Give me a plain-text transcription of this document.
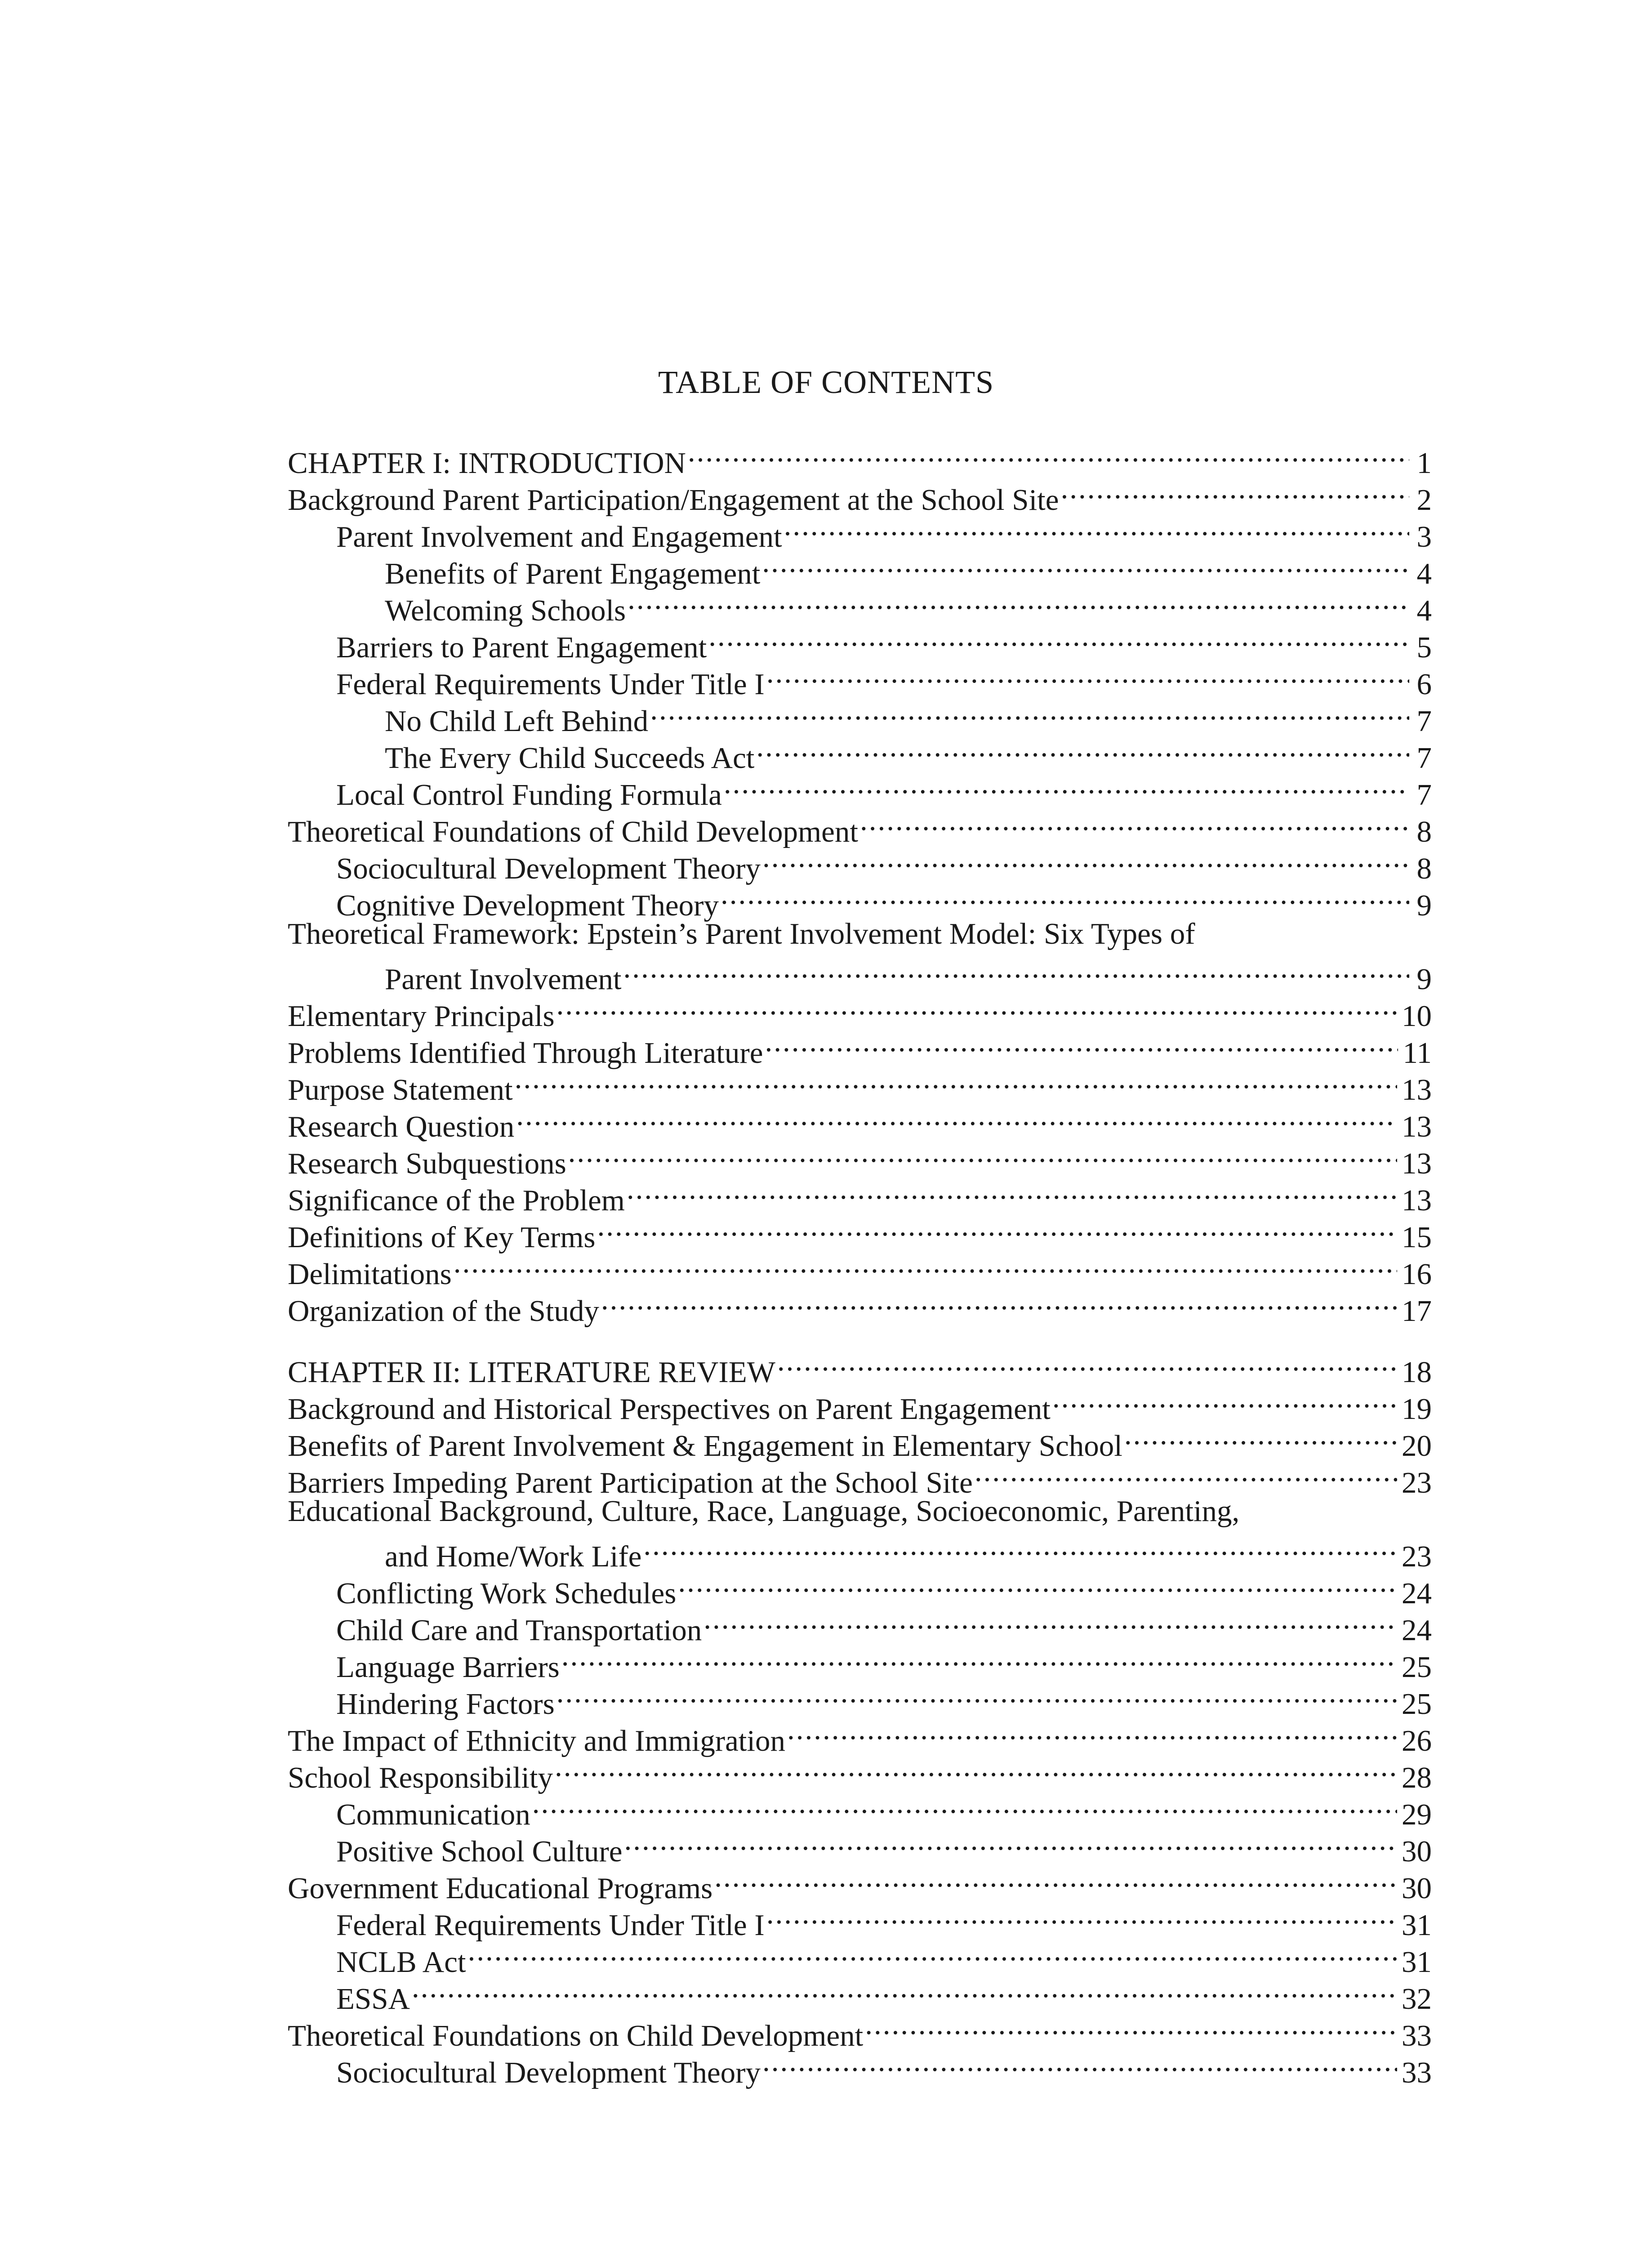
TABLE OF CONTENTS
CHAPTER I: INTRODUCTION .....	1
Background Parent Participation/Engagement at the School Site .....	2
Parent Involvement and Engagement .....	3
Benefits of Parent Engagement .....	4
Welcoming Schools .....	4
Barriers to Parent Engagement .....	5
Federal Requirements Under Title I .....	6
No Child Left Behind .....	7
The Every Child Succeeds Act .....	7
Local Control Funding Formula .....	7
Theoretical Foundations of Child Development .....	8
Sociocultural Development Theory .....	8
Cognitive Development Theory .....	9
Theoretical Framework: Epstein’s Parent Involvement Model: Six Types of
Parent Involvement .....	9
Elementary Principals .....	10
Problems Identified Through Literature .....	11
Purpose Statement .....	13
Research Question .....	13
Research Subquestions .....	13
Significance of the Problem .....	13
Definitions of Key Terms .....	15
Delimitations .....	16
Organization of the Study .....	17
CHAPTER II: LITERATURE REVIEW .....	18
Background and Historical Perspectives on Parent Engagement .....	19
Benefits of Parent Involvement & Engagement in Elementary School .....	20
Barriers Impeding Parent Participation at the School Site .....	23
Educational Background, Culture, Race, Language, Socioeconomic, Parenting,
and Home/Work Life .....	23
Conflicting Work Schedules .....	24
Child Care and Transportation .....	24
Language Barriers .....	25
Hindering Factors .....	25
The Impact of Ethnicity and Immigration .....	26
School Responsibility .....	28
Communication .....	29
Positive School Culture .....	30
Government Educational Programs .....	30
Federal Requirements Under Title I .....	31
NCLB Act .....	31
ESSA .....	32
Theoretical Foundations on Child Development .....	33
Sociocultural Development Theory .....	33
